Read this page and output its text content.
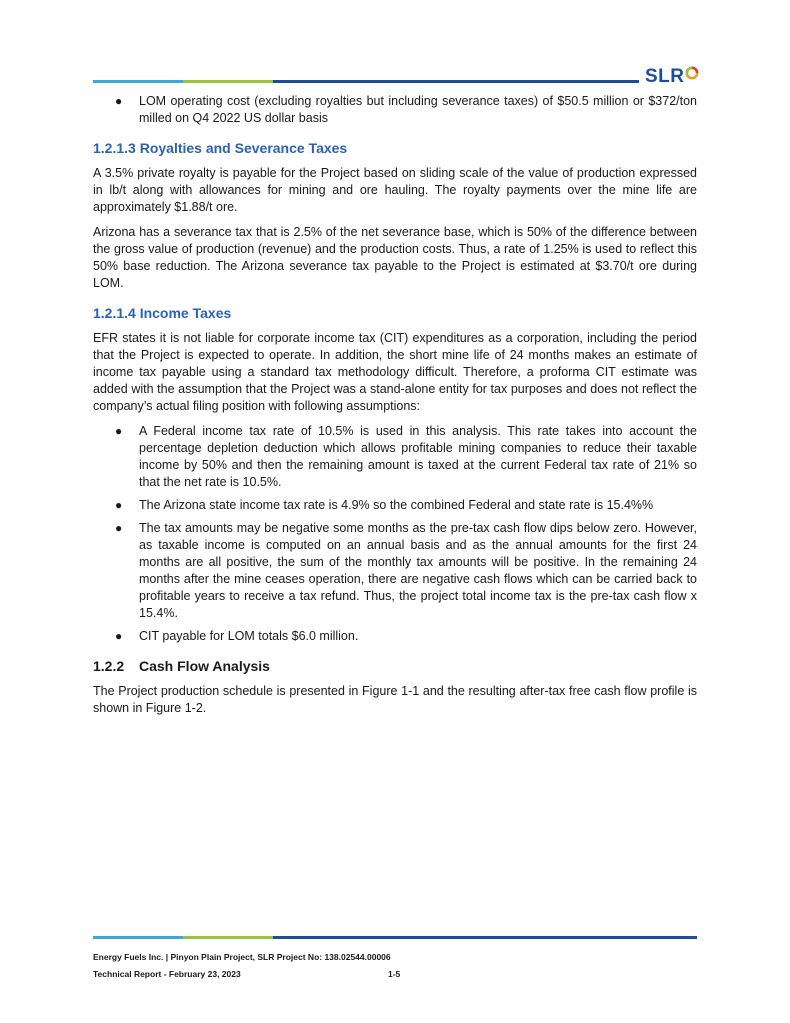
SLR
● LOM operating cost (excluding royalties but including severance taxes) of $50.5 million or $372/ton milled on Q4 2022 US dollar basis
1.2.1.3 Royalties and Severance Taxes

A 3.5% private royalty is payable for the Project based on sliding scale of the value of production expressed in lb/t along with allowances for mining and ore hauling. The royalty payments over the mine life are approximately $1.88/t ore.

Arizona has a severance tax that is 2.5% of the net severance base, which is 50% of the difference between the gross value of production (revenue) and the production costs. Thus, a rate of 1.25% is used to reflect this 50% base reduction. The Arizona severance tax payable to the Project is estimated at $3.70/t ore during LOM.

1.2.1.4 Income Taxes

EFR states it is not liable for corporate income tax (CIT) expenditures as a corporation, including the period that the Project is expected to operate. In addition, the short mine life of 24 months makes an estimate of income tax payable using a standard tax methodology difficult. Therefore, a proforma CIT estimate was added with the assumption that the Project was a stand-alone entity for tax purposes and does not reflect the company’s actual filing position with following assumptions:

● A Federal income tax rate of 10.5% is used in this analysis. This rate takes into account the percentage depletion deduction which allows profitable mining companies to reduce their taxable income by 50% and then the remaining amount is taxed at the current Federal tax rate of 21% so that the net rate is 10.5%.
● The Arizona state income tax rate is 4.9% so the combined Federal and state rate is 15.4%%
● The tax amounts may be negative some months as the pre-tax cash flow dips below zero. However, as taxable income is computed on an annual basis and as the annual amounts for the first 24 months are all positive, the sum of the monthly tax amounts will be positive. In the remaining 24 months after the mine ceases operation, there are negative cash flows which can be carried back to profitable years to receive a tax refund. Thus, the project total income tax is the pre-tax cash flow x 15.4%.
● CIT payable for LOM totals $6.0 million.
1.2.2 Cash Flow Analysis

The Project production schedule is presented in Figure 1-1 and the resulting after-tax free cash flow profile is shown in Figure 1-2.

Energy Fuels Inc. | Pinyon Plain Project, SLR Project No: 138.02544.00006
Technical Report - February 23, 2023	1-5
